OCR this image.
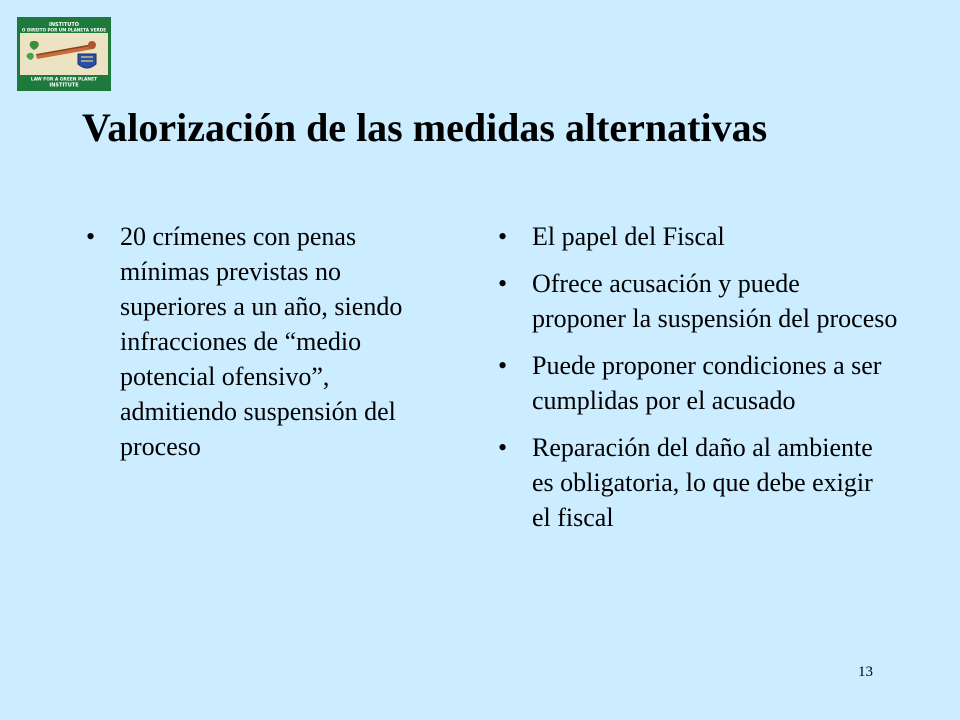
INSTITUTO
O DIREITO POR UM PLANETA VERDE
LAW FOR A GREEN PLANET
INSTITUTE
Valorización de las medidas alternativas
• 20 crímenes con penas mínimas previstas no superiores a un año, siendo infracciones de “medio potencial ofensivo”, admitiendo suspensión del proceso
• El papel del Fiscal
• Ofrece acusación y puede proponer la suspensión del proceso
• Puede proponer condiciones a ser cumplidas por el acusado
• Reparación del daño al ambiente es obligatoria, lo que debe exigir el fiscal
13
